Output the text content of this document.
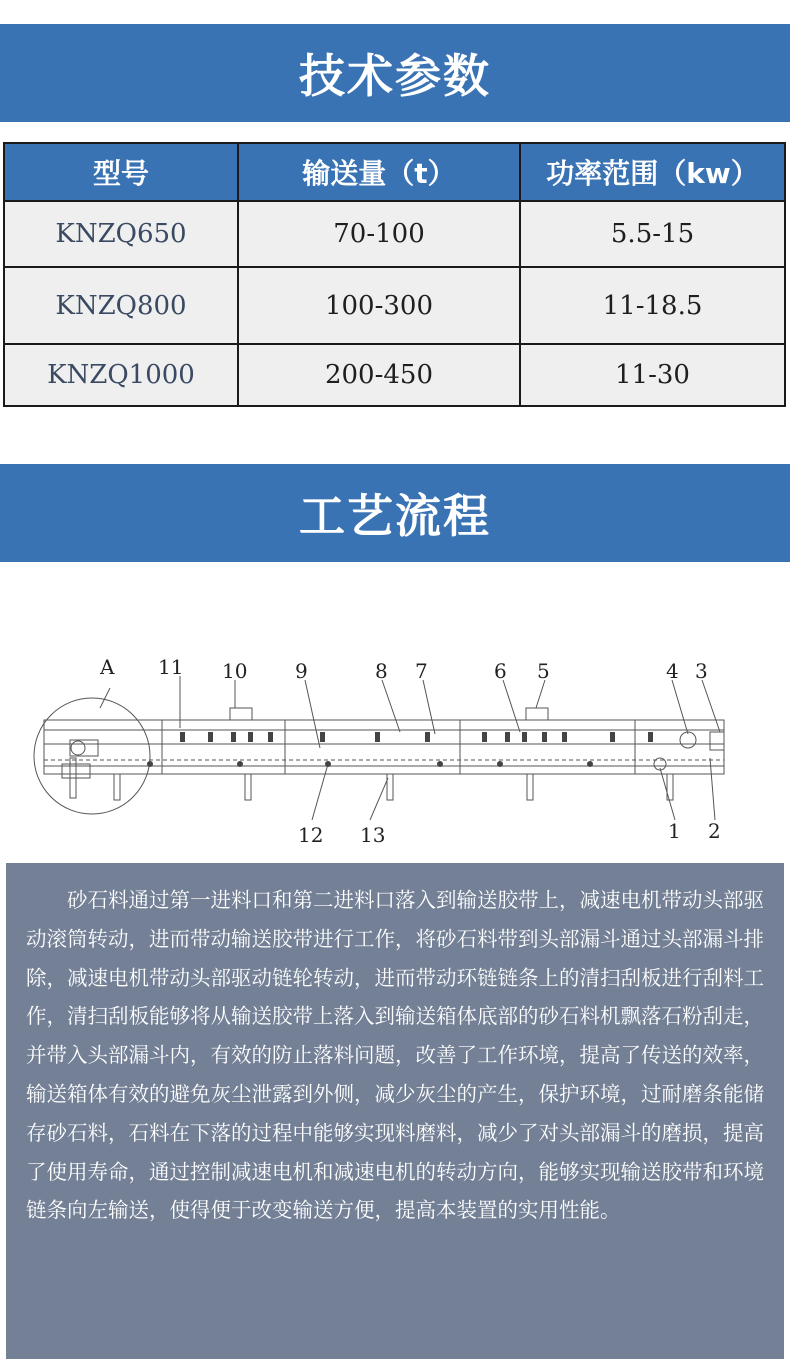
技术参数
型号	输送量（t）	功率范围（kw）
KNZQ650	70-100	5.5-15
KNZQ800	100-300	11-18.5
KNZQ1000	200-450	11-30
工艺流程
A 11 10 9	8 7	6 5	4 3
1 2
12 13
砂石料通过第一进料口和第二进料口落入到输送胶带上，减速电机带动头部驱动滚筒转动，进而带动输送胶带进行工作，将砂石料带到头部漏斗通过头部漏斗排除，减速电机带动头部驱动链轮转动，进而带动环链链条上的清扫刮板进行刮料工作，清扫刮板能够将从输送胶带上落入到输送箱体底部的砂石料机飘落石粉刮走，并带入头部漏斗内，有效的防止落料问题，改善了工作环境，提高了传送的效率，输送箱体有效的避免灰尘泄露到外侧，减少灰尘的产生，保护环境，过耐磨条能储存砂石料，石料在下落的过程中能够实现料磨料，减少了对头部漏斗的磨损，提高了使用寿命，通过控制减速电机和减速电机的转动方向，能够实现输送胶带和环境链条向左输送，使得便于改变输送方便，提高本装置的实用性能。
